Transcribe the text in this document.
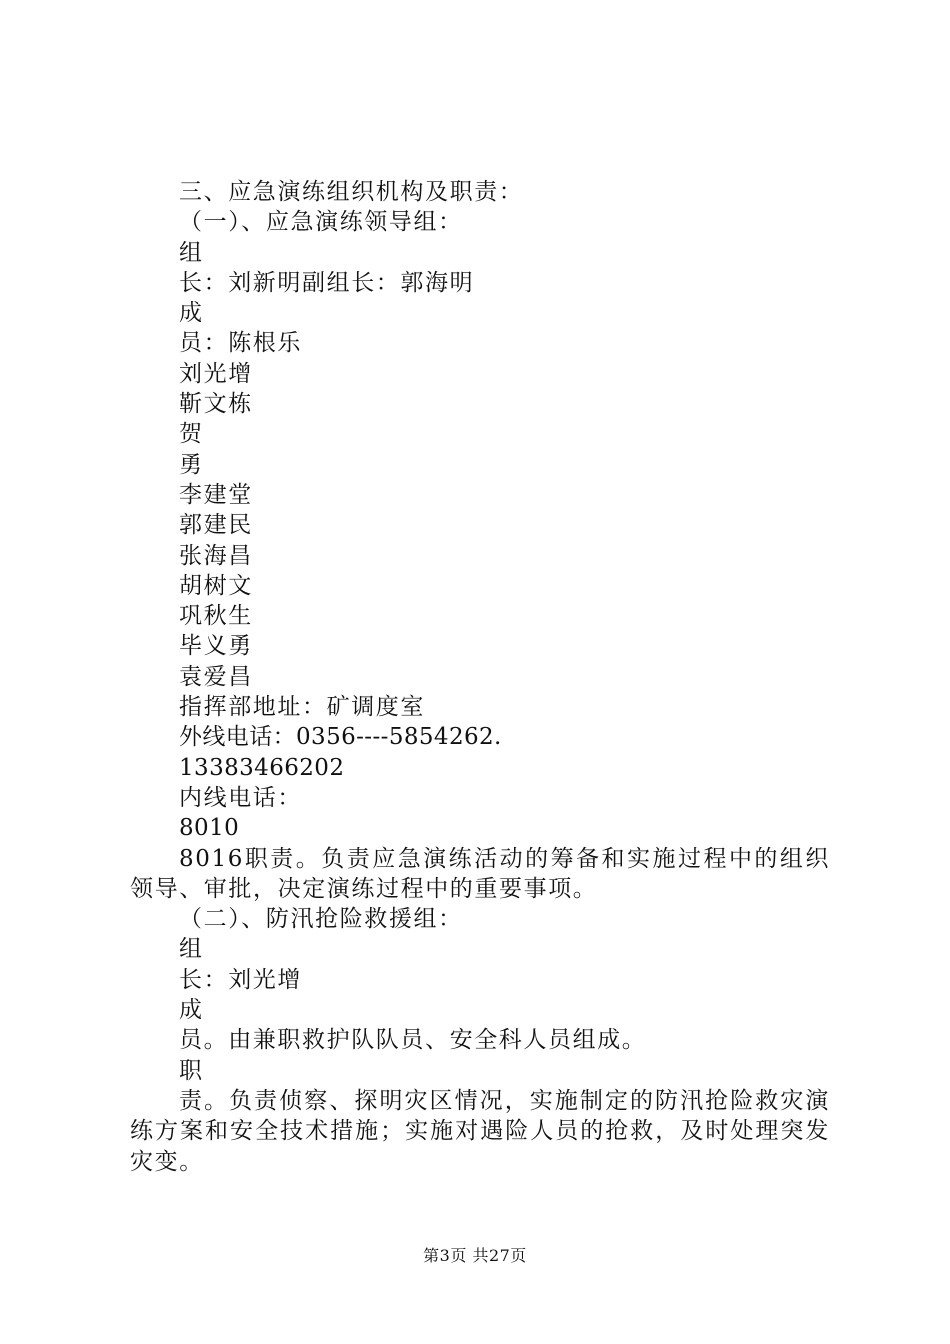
三、应急演练组织机构及职责：
（一）、应急演练领导组：
组
长：刘新明副组长：郭海明
成
员：陈根乐
刘光增
靳文栋
贺
勇
李建堂
郭建民
张海昌
胡树文
巩秋生
毕义勇
袁爱昌
指挥部地址：矿调度室
外线电话：0356----5854262.
13383466202
内线电话：
8010
8016职责。负责应急演练活动的筹备和实施过程中的组织领导、审批，决定演练过程中的重要事项。
（二）、防汛抢险救援组：
组
长：刘光增
成
员。由兼职救护队队员、安全科人员组成。
职
责。负责侦察、探明灾区情况，实施制定的防汛抢险救灾演练方案和安全技术措施；实施对遇险人员的抢救，及时处理突发灾变。
第3页 共27页
